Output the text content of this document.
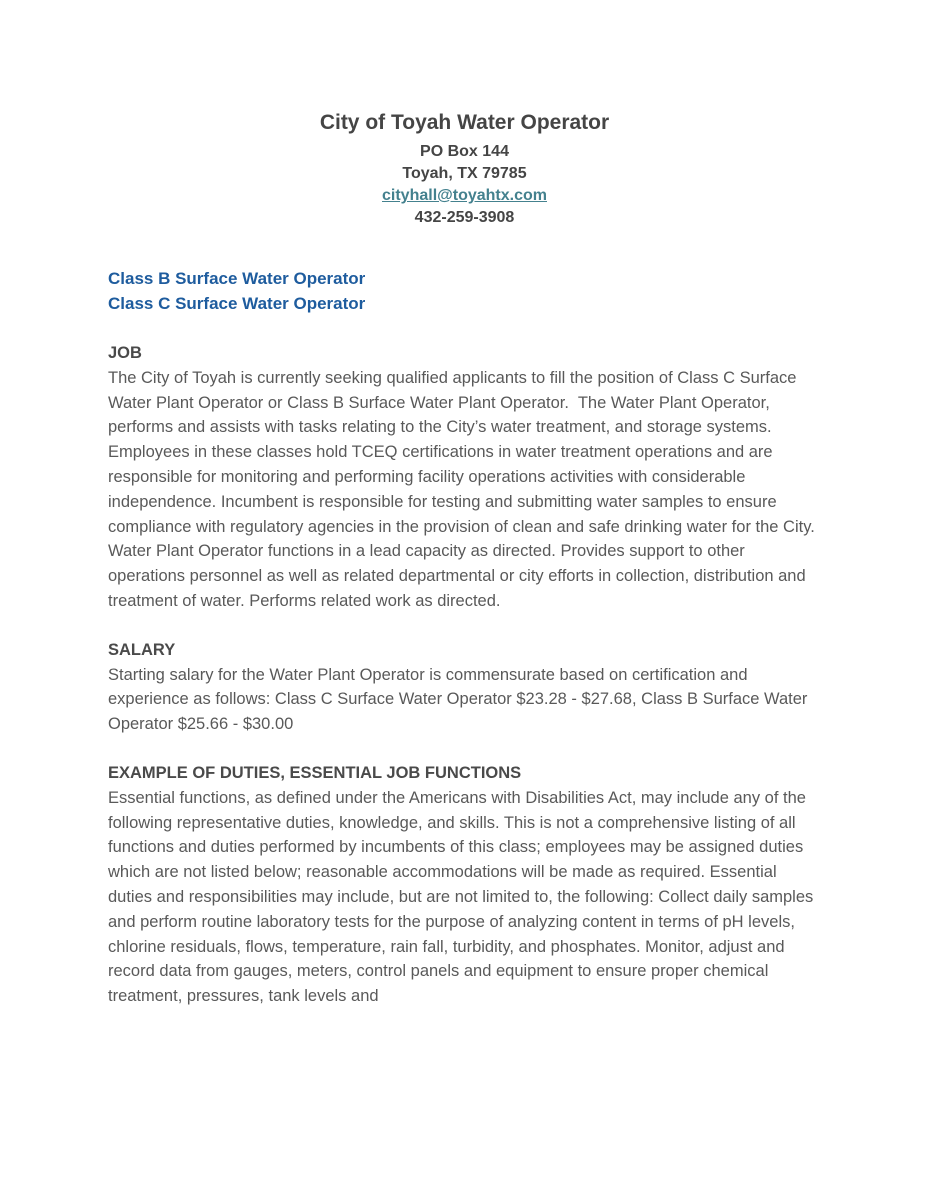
City of Toyah Water Operator

PO Box 144

Toyah, TX 79785

cityhall@toyahtx.com

432-259-3908

Class B Surface Water Operator

Class C Surface Water Operator

JOB

The City of Toyah is currently seeking qualified applicants to fill the position of Class C Surface Water Plant Operator or Class B Surface Water Plant Operator.  The Water Plant Operator, performs and assists with tasks relating to the City’s water treatment, and storage systems. Employees in these classes hold TCEQ certifications in water treatment operations and are responsible for monitoring and performing facility operations activities with considerable independence. Incumbent is responsible for testing and submitting water samples to ensure compliance with regulatory agencies in the provision of clean and safe drinking water for the City. Water Plant Operator functions in a lead capacity as directed. Provides support to other operations personnel as well as related departmental or city efforts in collection, distribution and treatment of water. Performs related work as directed.

SALARY

Starting salary for the Water Plant Operator is commensurate based on certification and experience as follows: Class C Surface Water Operator $23.28 - $27.68, Class B Surface Water Operator $25.66 - $30.00

EXAMPLE OF DUTIES, ESSENTIAL JOB FUNCTIONS

Essential functions, as defined under the Americans with Disabilities Act, may include any of the following representative duties, knowledge, and skills. This is not a comprehensive listing of all functions and duties performed by incumbents of this class; employees may be assigned duties which are not listed below; reasonable accommodations will be made as required. Essential duties and responsibilities may include, but are not limited to, the following: Collect daily samples and perform routine laboratory tests for the purpose of analyzing content in terms of pH levels, chlorine residuals, flows, temperature, rain fall, turbidity, and phosphates. Monitor, adjust and record data from gauges, meters, control panels and equipment to ensure proper chemical treatment, pressures, tank levels and
